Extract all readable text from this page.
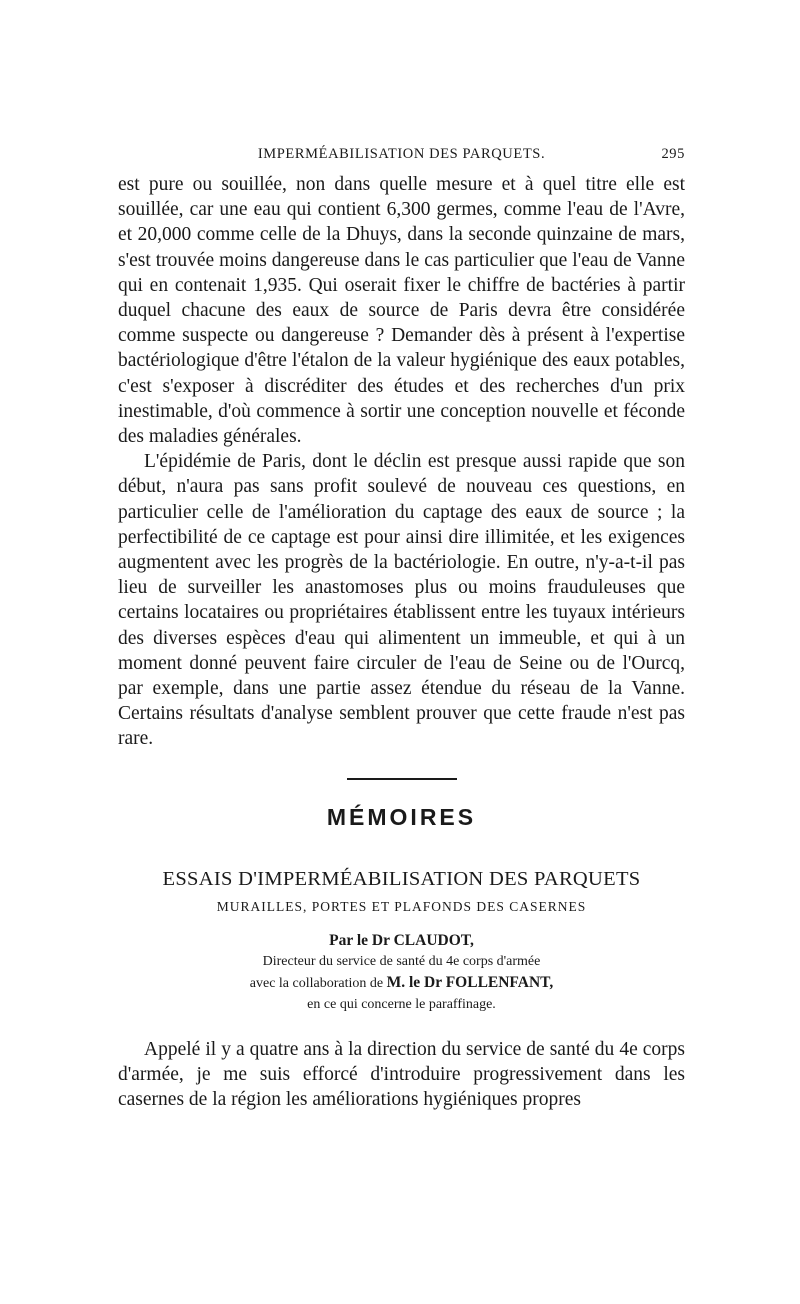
IMPERMÉABILISATION DES PARQUETS.	295

est pure ou souillée, non dans quelle mesure et à quel titre elle est souillée, car une eau qui contient 6,300 germes, comme l'eau de l'Avre, et 20,000 comme celle de la Dhuys, dans la seconde quinzaine de mars, s'est trouvée moins dangereuse dans le cas particulier que l'eau de Vanne qui en contenait 1,935. Qui oserait fixer le chiffre de bactéries à partir duquel chacune des eaux de source de Paris devra être considérée comme suspecte ou dangereuse ? Demander dès à présent à l'expertise bactériologique d'être l'étalon de la valeur hygiénique des eaux potables, c'est s'exposer à discréditer des études et des recherches d'un prix inestimable, d'où commence à sortir une conception nouvelle et féconde des maladies générales.

L'épidémie de Paris, dont le déclin est presque aussi rapide que son début, n'aura pas sans profit soulevé de nouveau ces questions, en particulier celle de l'amélioration du captage des eaux de source ; la perfectibilité de ce captage est pour ainsi dire illimitée, et les exigences augmentent avec les progrès de la bactériologie. En outre, n'y-a-t-il pas lieu de surveiller les anastomoses plus ou moins frauduleuses que certains locataires ou propriétaires établissent entre les tuyaux intérieurs des diverses espèces d'eau qui alimentent un immeuble, et qui à un moment donné peuvent faire circuler de l'eau de Seine ou de l'Ourcq, par exemple, dans une partie assez étendue du réseau de la Vanne. Certains résultats d'analyse semblent prouver que cette fraude n'est pas rare.

MÉMOIRES
ESSAIS D'IMPERMÉABILISATION DES PARQUETS
MURAILLES, PORTES ET PLAFONDS DES CASERNES
Par le Dr CLAUDOT,
Directeur du service de santé du 4e corps d'armée
avec la collaboration de M. le Dr FOLLENFANT,
en ce qui concerne le paraffinage.

Appelé il y a quatre ans à la direction du service de santé du 4e corps d'armée, je me suis efforcé d'introduire progressivement dans les casernes de la région les améliorations hygiéniques propres
